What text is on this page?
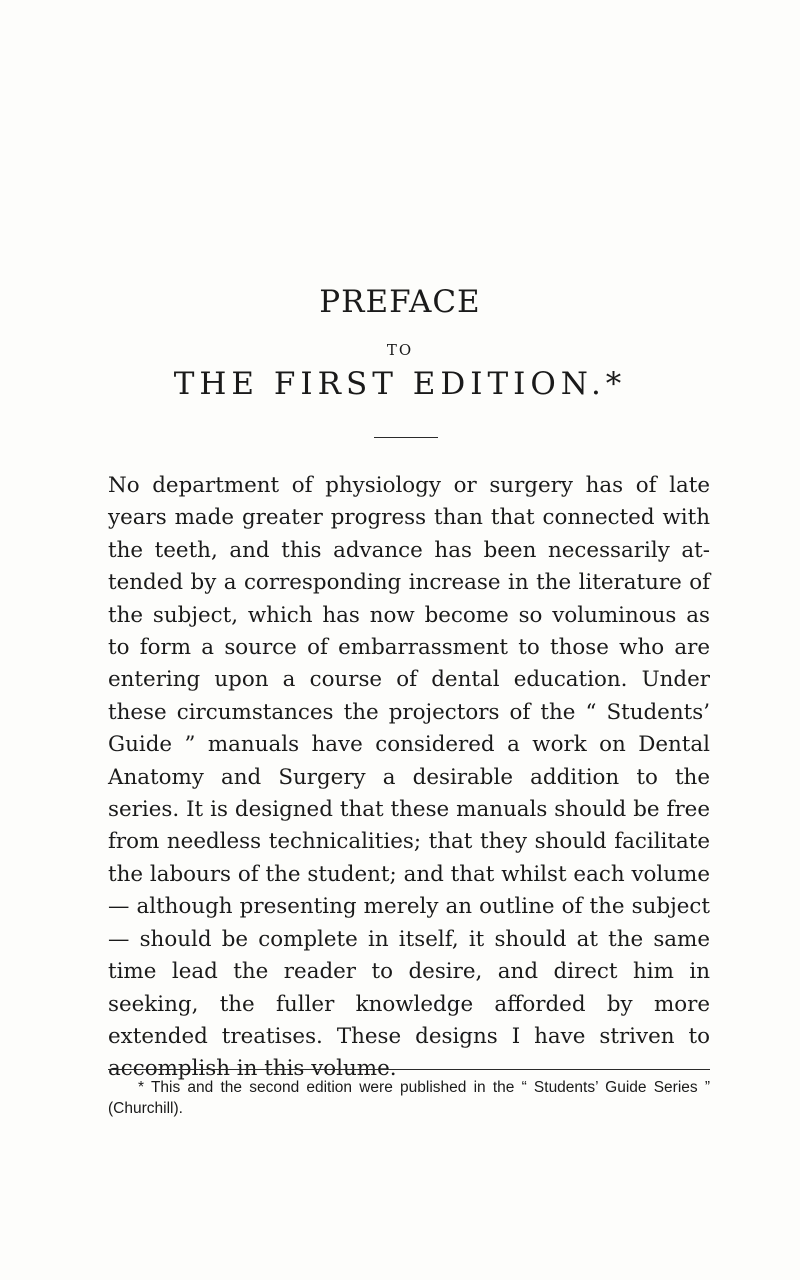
PREFACE
TO
THE FIRST EDITION.*

No department of physiology or surgery has of late years made greater progress than that connected with the teeth, and this advance has been necessarily at- tended by a corresponding increase in the literature of the subject, which has now become so voluminous as to form a source of embarrassment to those who are entering upon a course of dental education. Under these circumstances the projectors of the “ Students’ Guide ” manuals have considered a work on Dental Anatomy and Surgery a desirable addition to the series. It is designed that these manuals should be free from needless technicalities; that they should facilitate the labours of the student; and that whilst each volume— although presenting merely an outline of the subject— should be complete in itself, it should at the same time lead the reader to desire, and direct him in seeking, the fuller knowledge afforded by more extended treatises. These designs I have striven to accomplish in this volume.

* This and the second edition were published in the “ Students’ Guide Series ” (Churchill).
